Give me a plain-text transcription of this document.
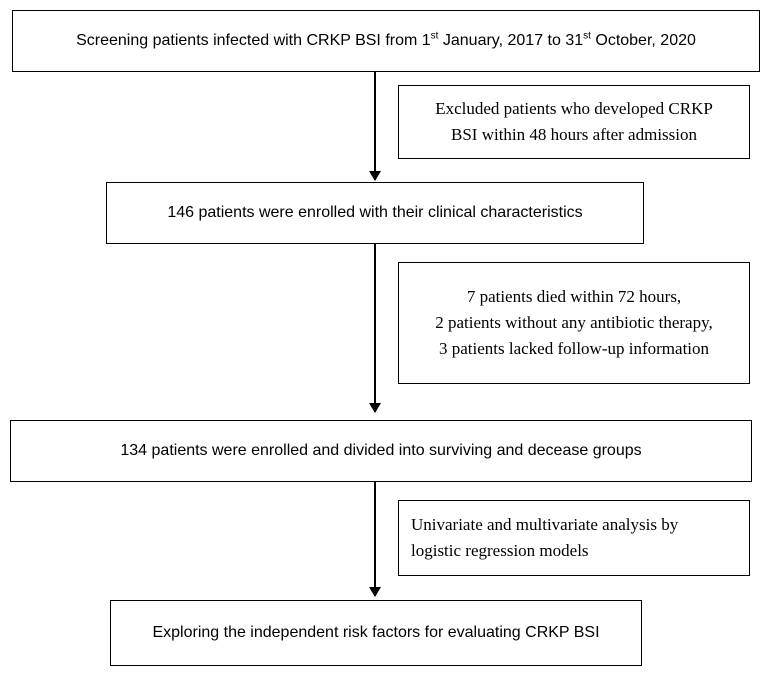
Screening patients infected with CRKP BSI from 1st January, 2017 to 31st October, 2020
Excluded patients who developed CRKP
BSI within 48 hours after admission
146 patients were enrolled with their clinical characteristics
7 patients died within 72 hours,
2 patients without any antibiotic therapy,
3 patients lacked follow-up information
134 patients were enrolled and divided into surviving and decease groups
Univariate and multivariate analysis by
logistic regression models
Exploring the independent risk factors for evaluating CRKP BSI
